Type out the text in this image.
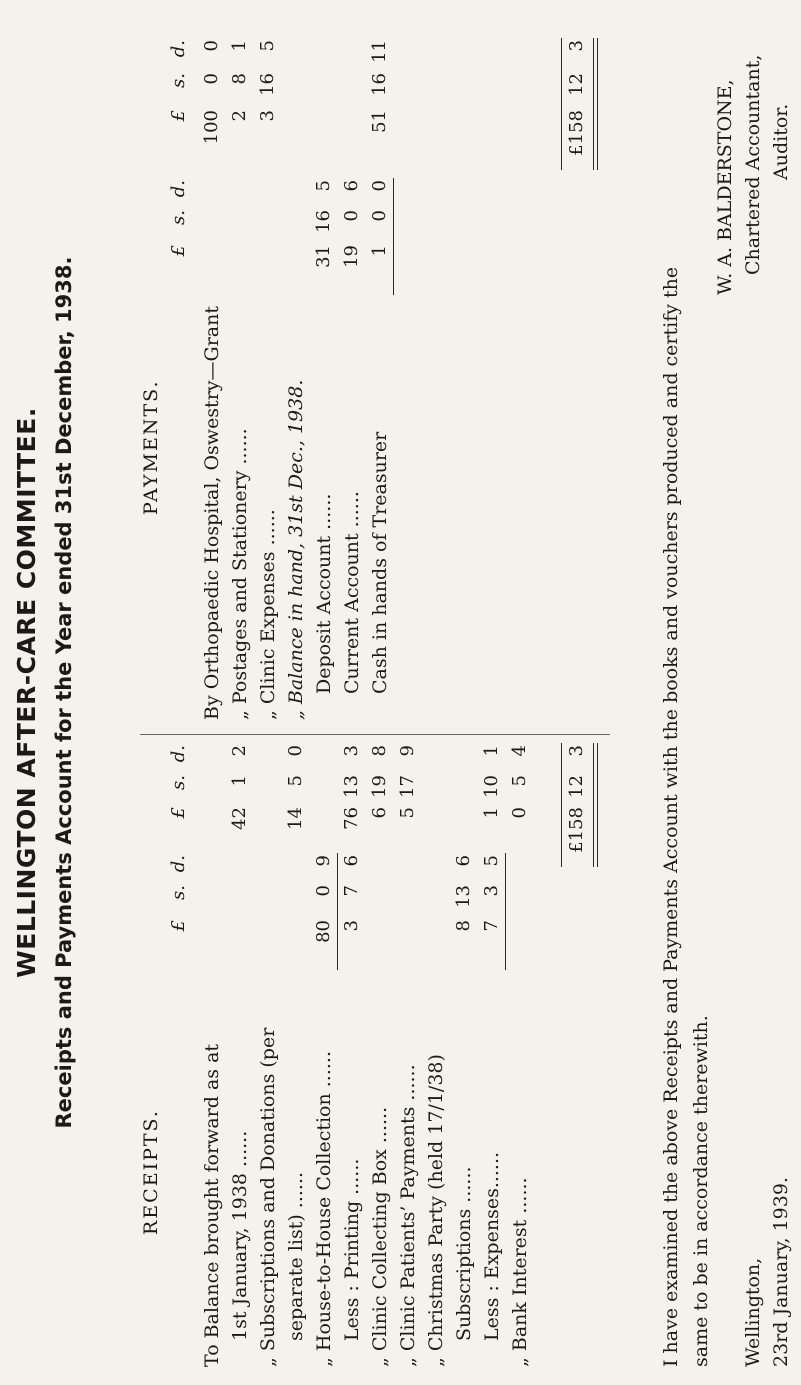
WELLINGTON AFTER-CARE COMMITTEE. Receipts and Payments Account for the Year ended 31st December, 1938.
RECEIPTS.
£
s.
d.
£
s.
d.
To Balance brought forward as at 1st January, 1938 ......
42
1
2
„ Subscriptions and Donations (per separate list) ......
14
5
0
„ House-to-House Collection ......
80
0
9
Less : Printing ......
3
7
6
76
13
3
„ Clinic Collecting Box ......
6
19
8
„ Clinic Patients’ Payments ......
5
17
9
„ Christmas Party (held 17/1/38) Subscriptions ......
8
13
6
Less : Expenses......
7
3
5
1
10
1
„ Bank Interest ......
0
5
4
£158
12
3
PAYMENTS.
£
s.
d.
£
s.
d.
By Orthopaedic Hospital, Oswestry—Grant
100
0
0
„ Postages and Stationery ......
2
8
1
„ Clinic Expenses ......
3
16
5
„ Balance in hand, 31st Dec., 1938. Deposit Account ......
31
16
5
Current Account ......
19
0
6
Cash in hands of Treasurer
1
0
0
51
16
11
£158
12
3
I have examined the above Receipts and Payments Account with the books and vouchers produced and certify the same to be in accordance therewith. Wellington, 23rd January, 1939.
W. A. BALDERSTONE, Chartered Accountant, Auditor.
